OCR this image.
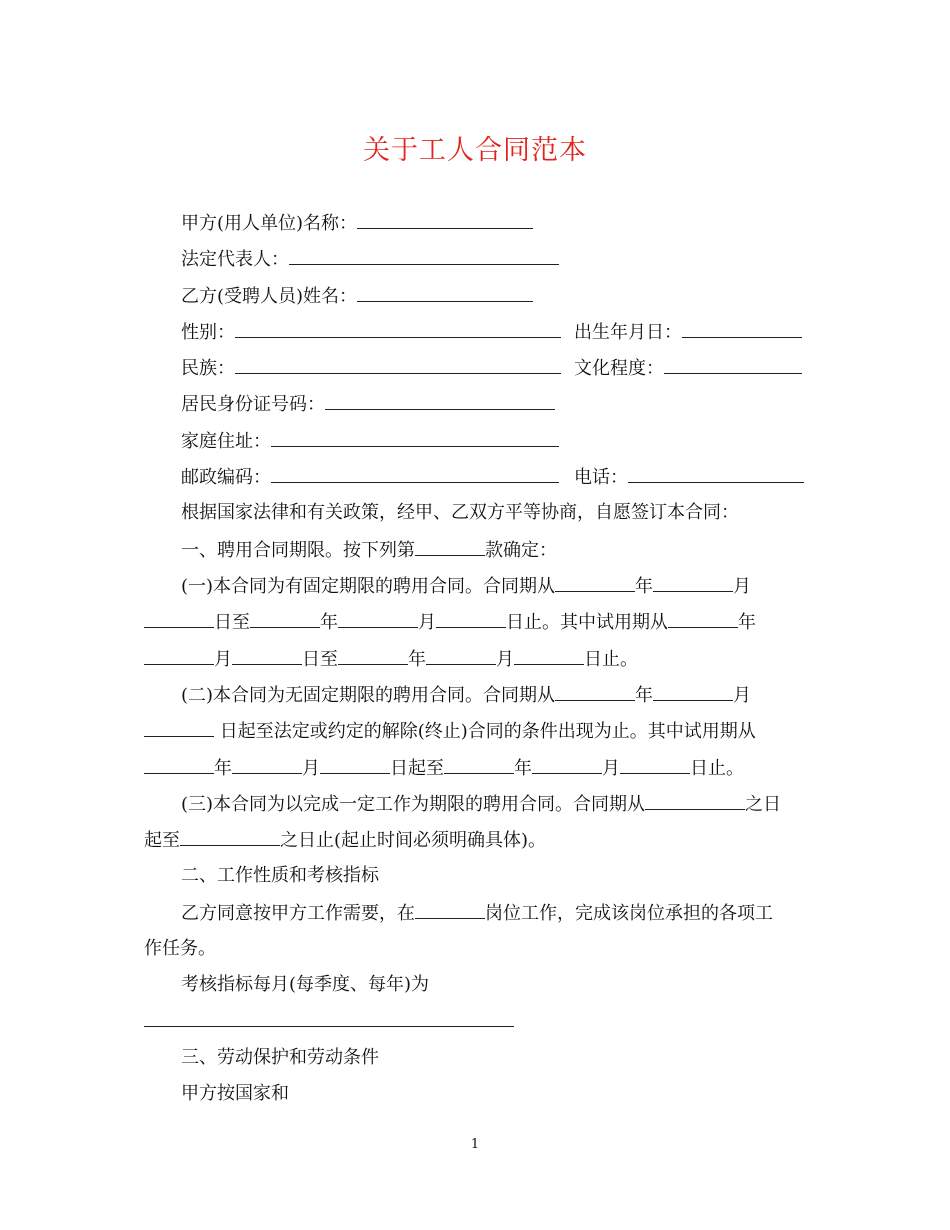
关于工人合同范本
甲方(用人单位)名称：
法定代表人：
乙方(受聘人员)姓名：
性别：	出生年月日：
民族：	文化程度：
居民身份证号码：
家庭住址：
邮政编码：	电话：
根据国家法律和有关政策，经甲、乙双方平等协商，自愿签订本合同：
一、聘用合同期限。按下列第	款确定：
(一)本合同为有固定期限的聘用合同。合同期从	年	月
日至	年	月	日止。其中试用期从	年
月	日至	年	月	日止。
(二)本合同为无固定期限的聘用合同。合同期从	年	月
日起至法定或约定的解除(终止)合同的条件出现为止。其中试用期从
年	月	日起至	年	月	日止。
(三)本合同为以完成一定工作为期限的聘用合同。合同期从	之日
起至	之日止(起止时间必须明确具体)。
二、工作性质和考核指标
乙方同意按甲方工作需要，在	岗位工作，完成该岗位承担的各项工
作任务。
考核指标每月(每季度、每年)为
三、劳动保护和劳动条件
甲方按国家和
1
